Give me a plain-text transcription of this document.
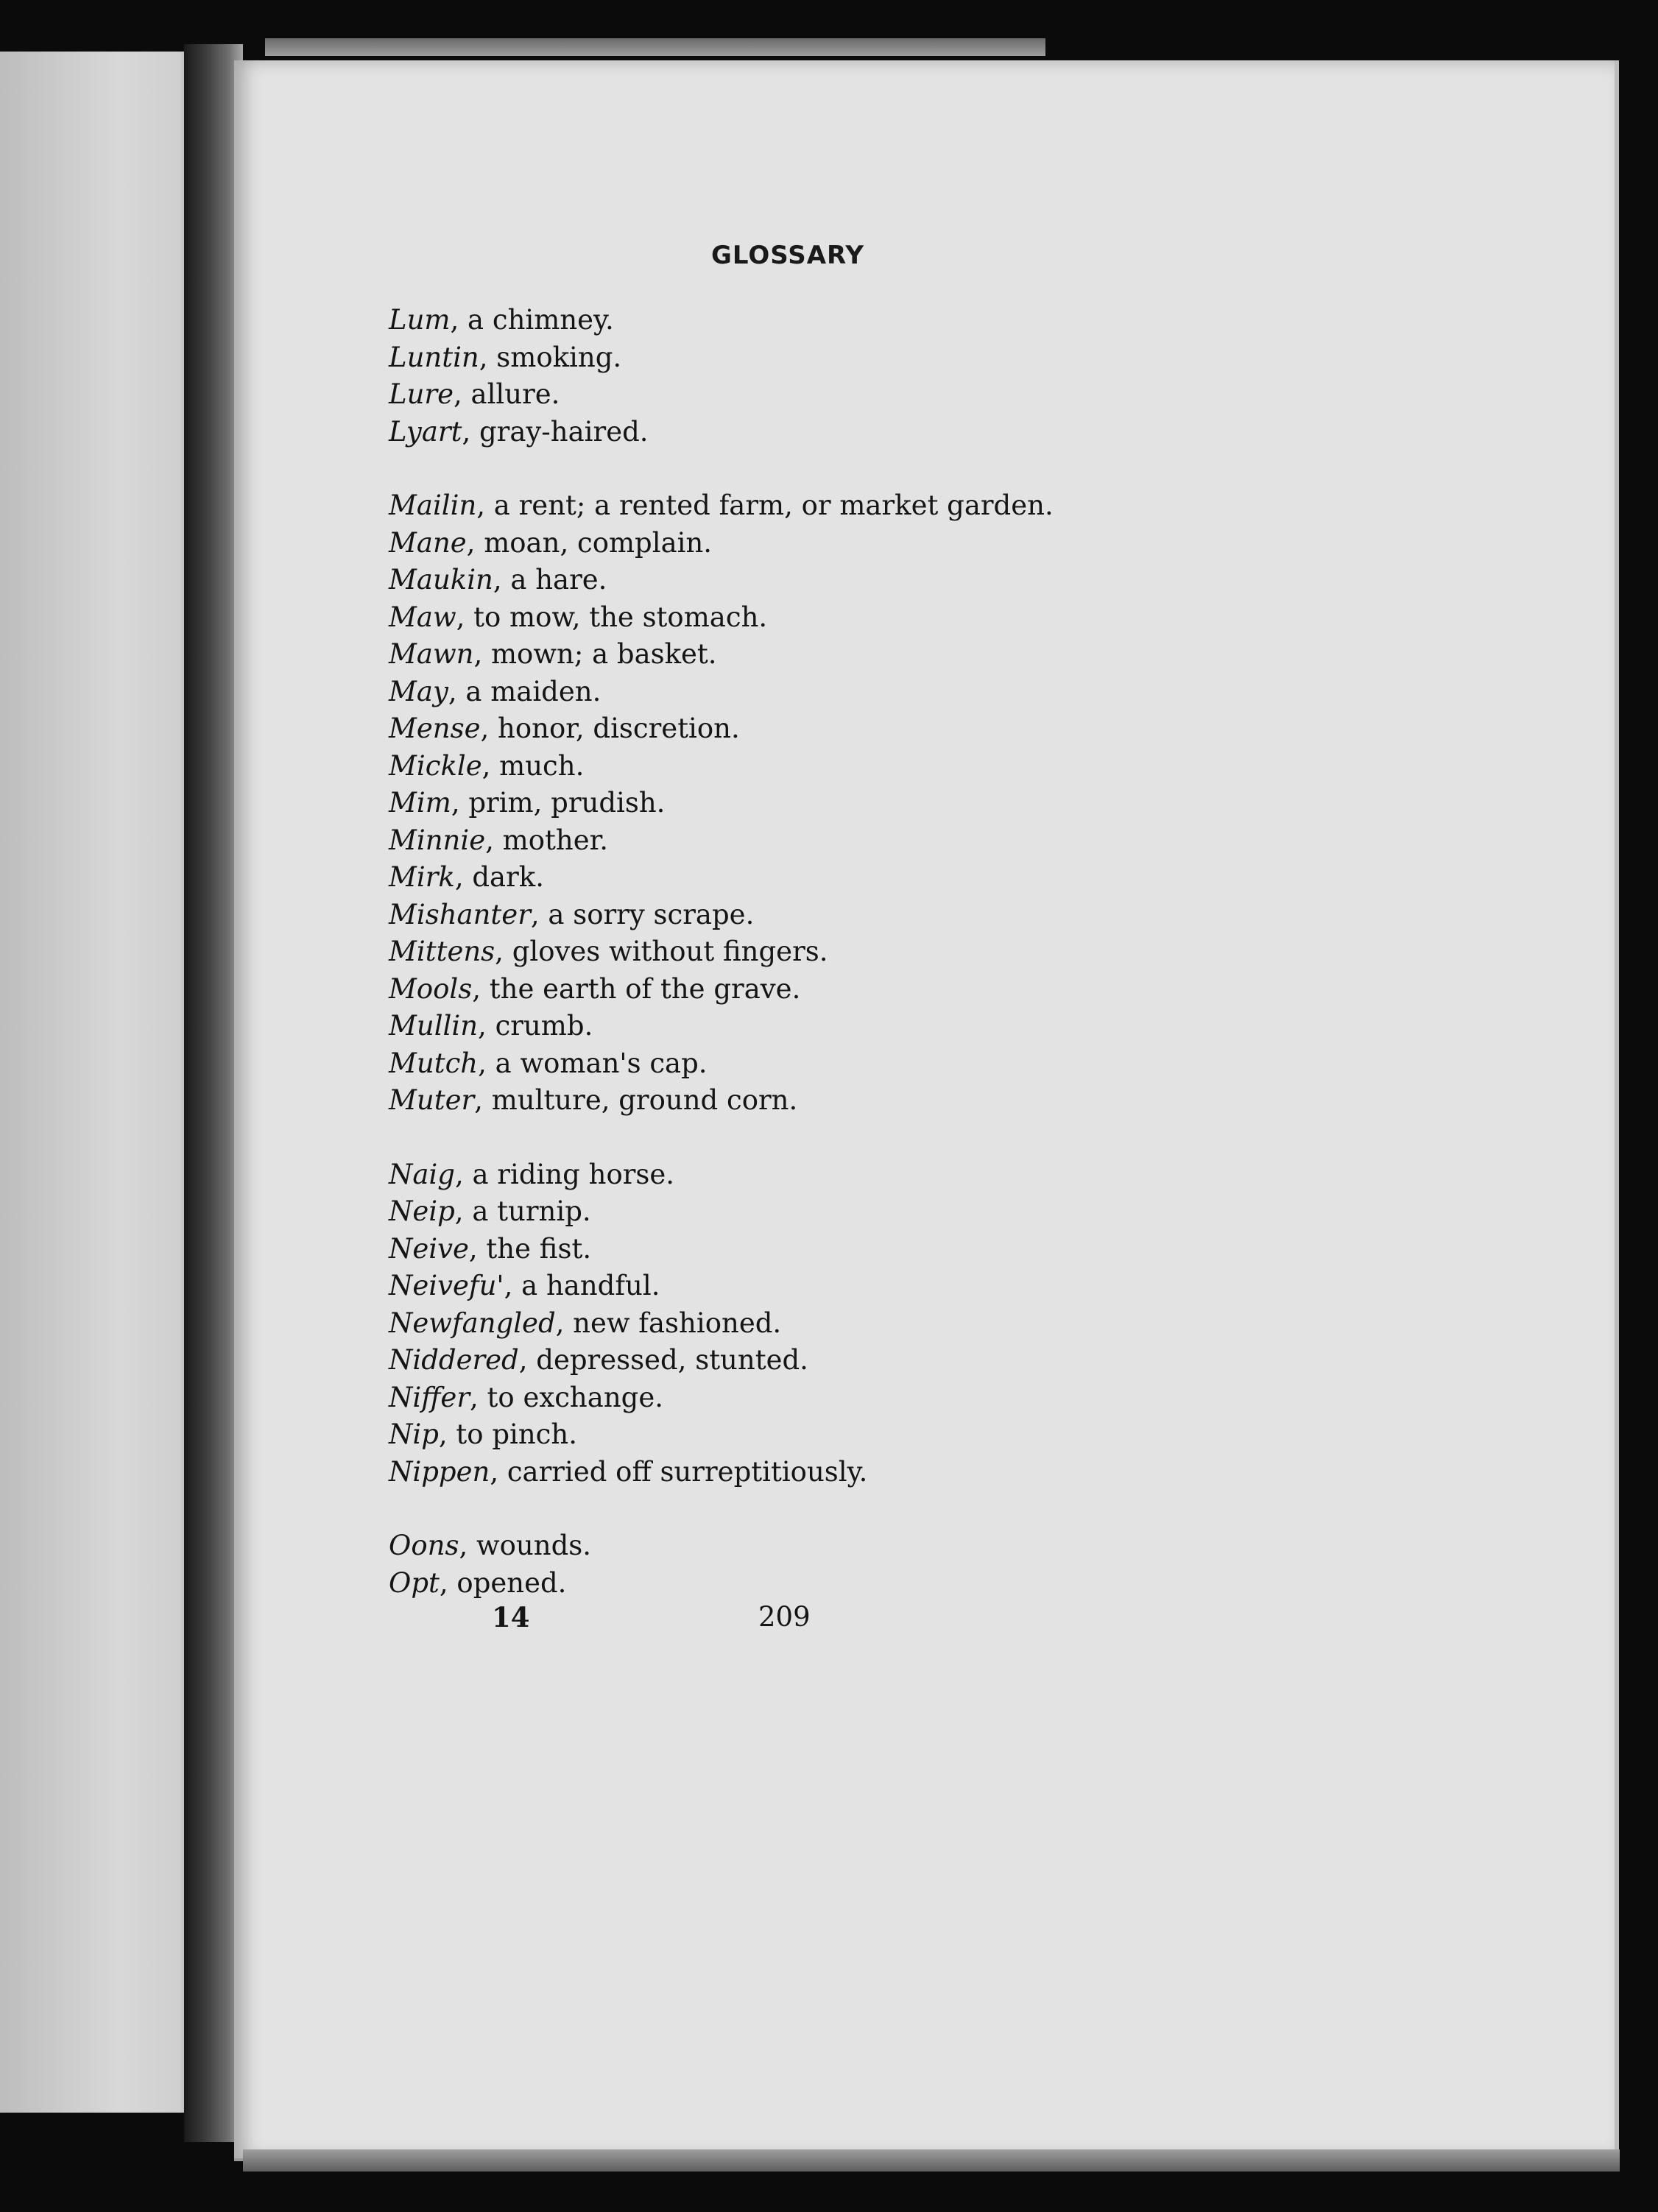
GLOSSARY
Lum, a chimney.
Luntin, smoking.
Lure, allure.
Lyart, gray-haired.
Mailin, a rent; a rented farm, or market garden.
Mane, moan, complain.
Maukin, a hare.
Maw, to mow, the stomach.
Mawn, mown; a basket.
May, a maiden.
Mense, honor, discretion.
Mickle, much.
Mim, prim, prudish.
Minnie, mother.
Mirk, dark.
Mishanter, a sorry scrape.
Mittens, gloves without fingers.
Mools, the earth of the grave.
Mullin, crumb.
Mutch, a woman's cap.
Muter, multure, ground corn.
Naig, a riding horse.
Neip, a turnip.
Neive, the fist.
Neivefu', a handful.
Newfangled, new fashioned.
Niddered, depressed, stunted.
Niffer, to exchange.
Nip, to pinch.
Nippen, carried off surreptitiously.
Oons, wounds.
Opt, opened.
14	209
